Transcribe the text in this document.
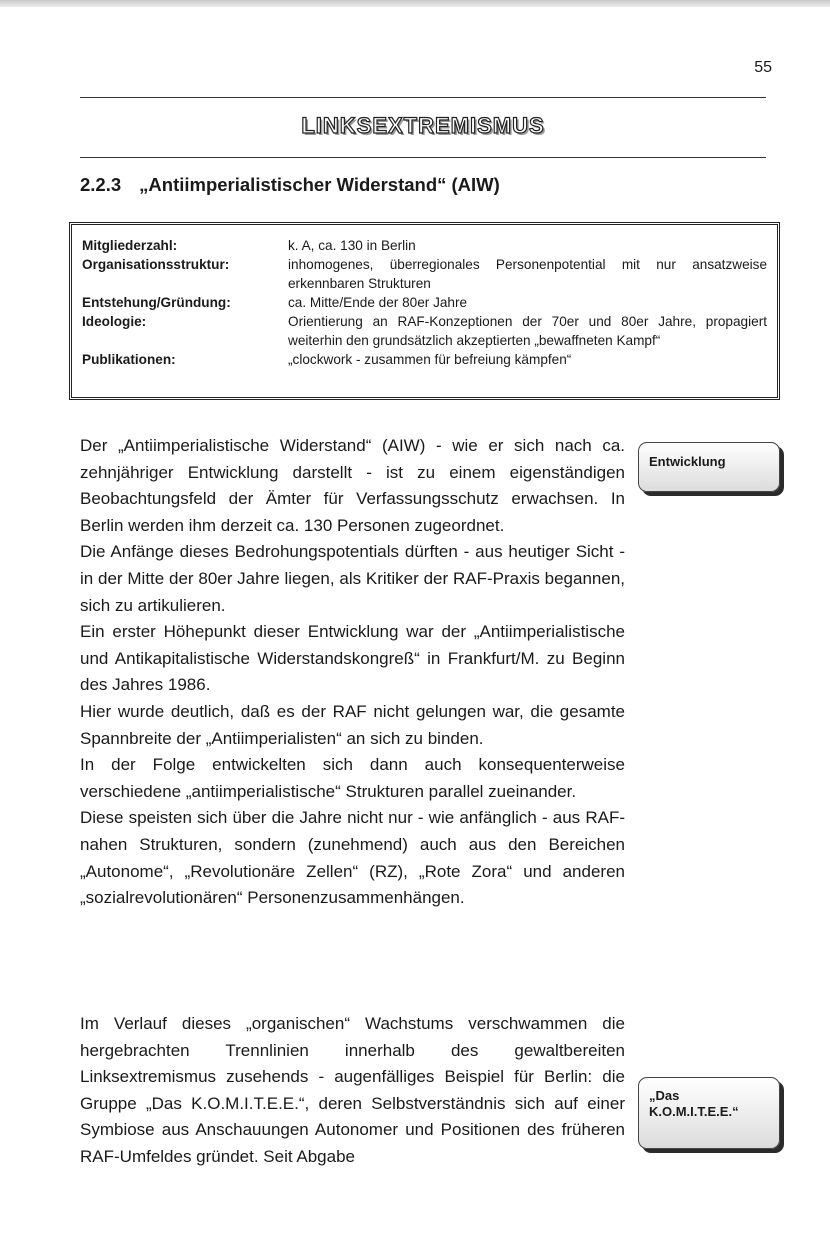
55
LINKSEXTREMISMUS
2.2.3 „Antiimperialistischer Widerstand“ (AIW)
Mitgliederzahl:	k. A, ca. 130 in Berlin
Organisationsstruktur:	inhomogenes, überregionales Personenpotential mit nur ansatzweise erkennbaren Strukturen
Entstehung/Gründung:	ca. Mitte/Ende der 80er Jahre
Ideologie:	Orientierung an RAF-Konzeptionen der 70er und 80er Jahre, propagiert weiterhin den grundsätzlich akzeptierten „bewaffneten Kampf“
Publikationen:	„clockwork - zusammen für befreiung kämpfen“
Entwicklung

Der „Antiimperialistische Widerstand“ (AIW) - wie er sich nach ca. zehnjähriger Entwicklung darstellt - ist zu einem eigenständigen Beobachtungsfeld der Ämter für Verfassungsschutz erwachsen. In Berlin werden ihm derzeit ca. 130 Personen zugeordnet.

Die Anfänge dieses Bedrohungspotentials dürften - aus heutiger Sicht - in der Mitte der 80er Jahre liegen, als Kritiker der RAF-Praxis begannen, sich zu artikulieren.

Ein erster Höhepunkt dieser Entwicklung war der „Antiimperialistische und Antikapitalistische Widerstandskongreß“ in Frankfurt/M. zu Beginn des Jahres 1986.

Hier wurde deutlich, daß es der RAF nicht gelungen war, die gesamte Spannbreite der „Antiimperialisten“ an sich zu binden.

In der Folge entwickelten sich dann auch konsequenterweise verschiedene „antiimperialistische“ Strukturen parallel zueinander.

Diese speisten sich über die Jahre nicht nur - wie anfänglich - aus RAF-nahen Strukturen, sondern (zunehmend) auch aus den Bereichen „Autonome“, „Revolutionäre Zellen“ (RZ), „Rote Zora“ und anderen „sozialrevolutionären“ Personenzusammenhängen.

Im Verlauf dieses „organischen“ Wachstums verschwammen die hergebrachten Trennlinien innerhalb des gewaltbereiten Linksextremismus zusehends - augenfälliges Beispiel für Berlin: die Gruppe „Das K.O.M.I.T.E.E.“, deren Selbstverständnis sich auf einer Symbiose aus Anschauungen Autonomer und Positionen des früheren RAF-Umfeldes gründet. Seit Abgabe

„Das K.O.M.I.T.E.E.“
